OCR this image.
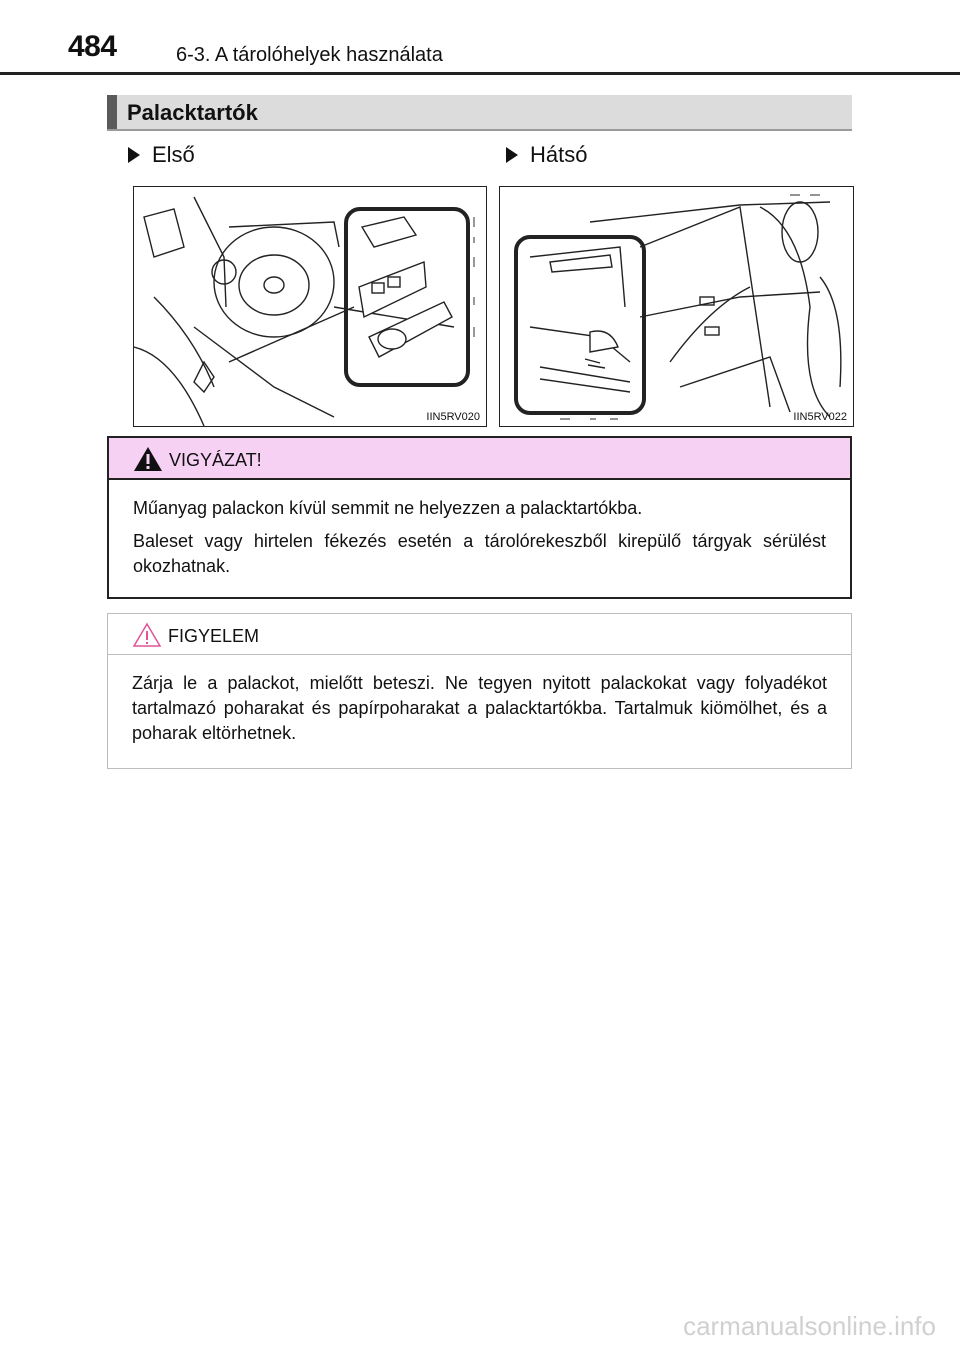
484	6-3. A tárolóhelyek használata
Palacktartók
Első	Hátsó
IIN5RV020	IIN5RV022
VIGYÁZAT!

Műanyag palackon kívül semmit ne helyezzen a palacktartókba.

Baleset vagy hirtelen fékezés esetén a tárolórekeszből kirepülő tárgyak sérülést okozhatnak.

FIGYELEM

Zárja le a palackot, mielőtt beteszi. Ne tegyen nyitott palackokat vagy folyadékot tartalmazó poharakat és papírpoharakat a palacktartókba. Tartalmuk kiömölhet, és a poharak eltörhetnek.

carmanualsonline.info
